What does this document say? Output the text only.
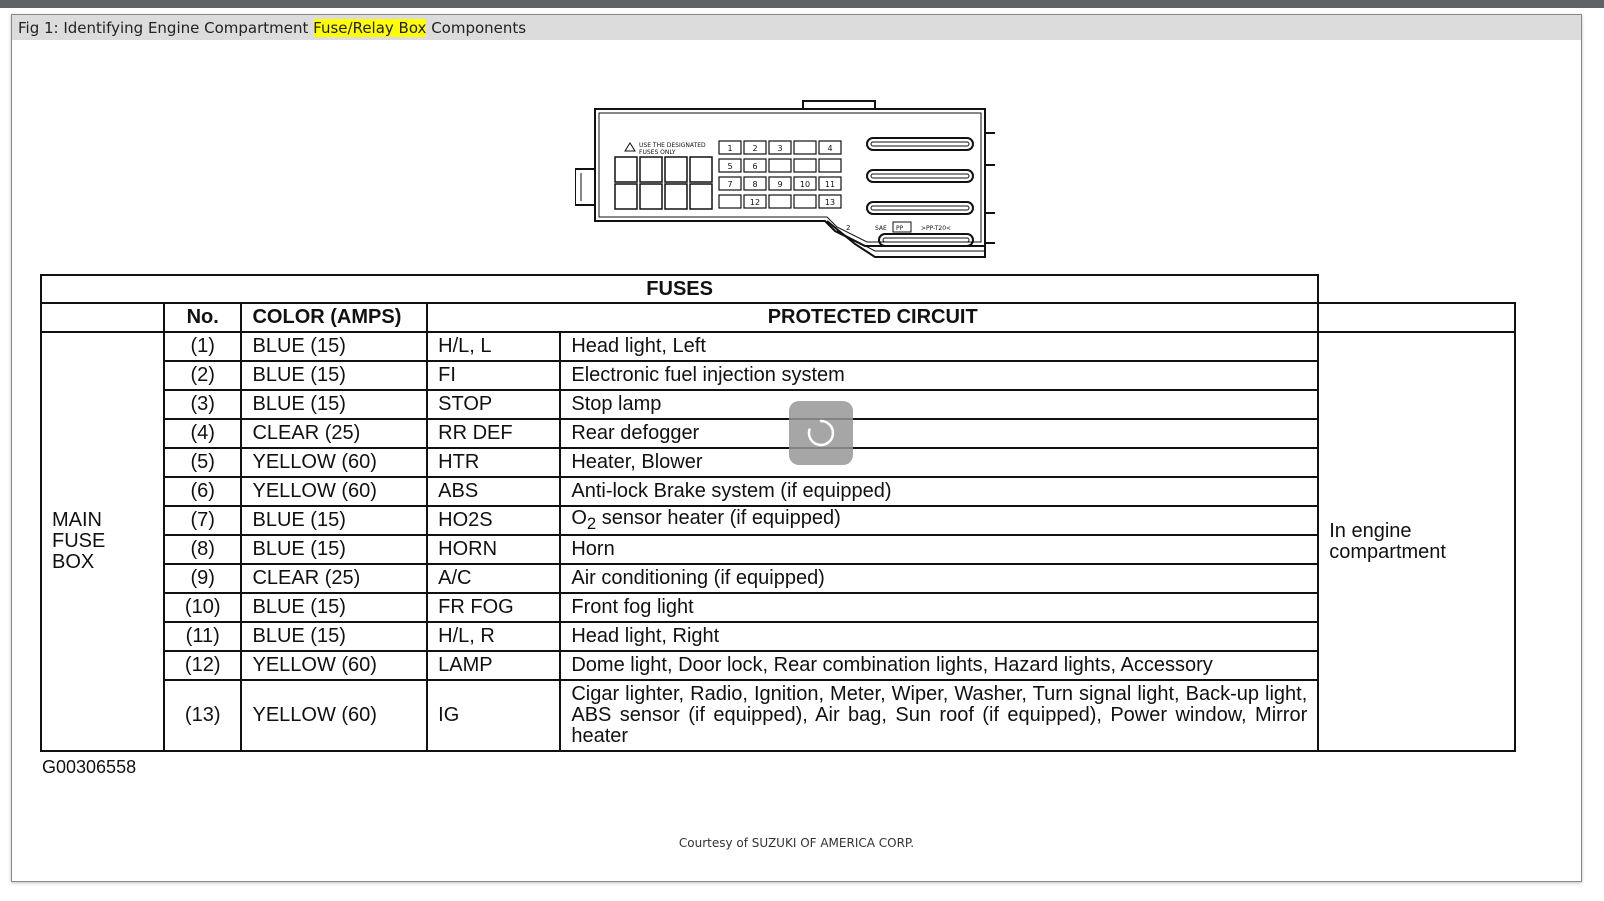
Fig 1: Identifying Engine Compartment Fuse/Relay Box Components
USE THE DESIGNATED
FUSES ONLY	1 2 3	4
5 6
7 8 9 10 11
12	13
2	SAE PP	>PP-T20<
FUSES					
	No.	COLOR (AMPS)	PROTECTED CIRCUIT		
MAIN FUSE BOX	(1)	BLUE (15)	H/L, L	Head light, Left	In engine compartment
	(2)	BLUE (15)	FI	Electronic fuel injection system	
	(3)	BLUE (15)	STOP	Stop lamp	
	(4)	CLEAR (25)	RR DEF	Rear defogger	
	(5)	YELLOW (60)	HTR	Heater, Blower	
	(6)	YELLOW (60)	ABS	Anti-lock Brake system (if equipped)	
	(7)	BLUE (15)	HO2S	$O_2$ sensor heater (if equipped)	
	(8)	BLUE (15)	HORN	Horn	
	(9)	CLEAR (25)	A/C	Air conditioning (if equipped)	
	(10)	BLUE (15)	FR FOG	Front fog light	
	(11)	BLUE (15)	H/L, R	Head light, Right	
	(12)	YELLOW (60)	LAMP	Dome light, Door lock, Rear combination lights, Hazard lights, Accessory	
	(13)	YELLOW (60)	IG	Cigar lighter, Radio, Ignition, Meter, Wiper, Washer, Turn signal light, Back-up light, ABS sensor (if equipped), Air bag, Sun roof (if equipped), Power window, Mirror heater	
G00306558
Courtesy of SUZUKI OF AMERICA CORP.
